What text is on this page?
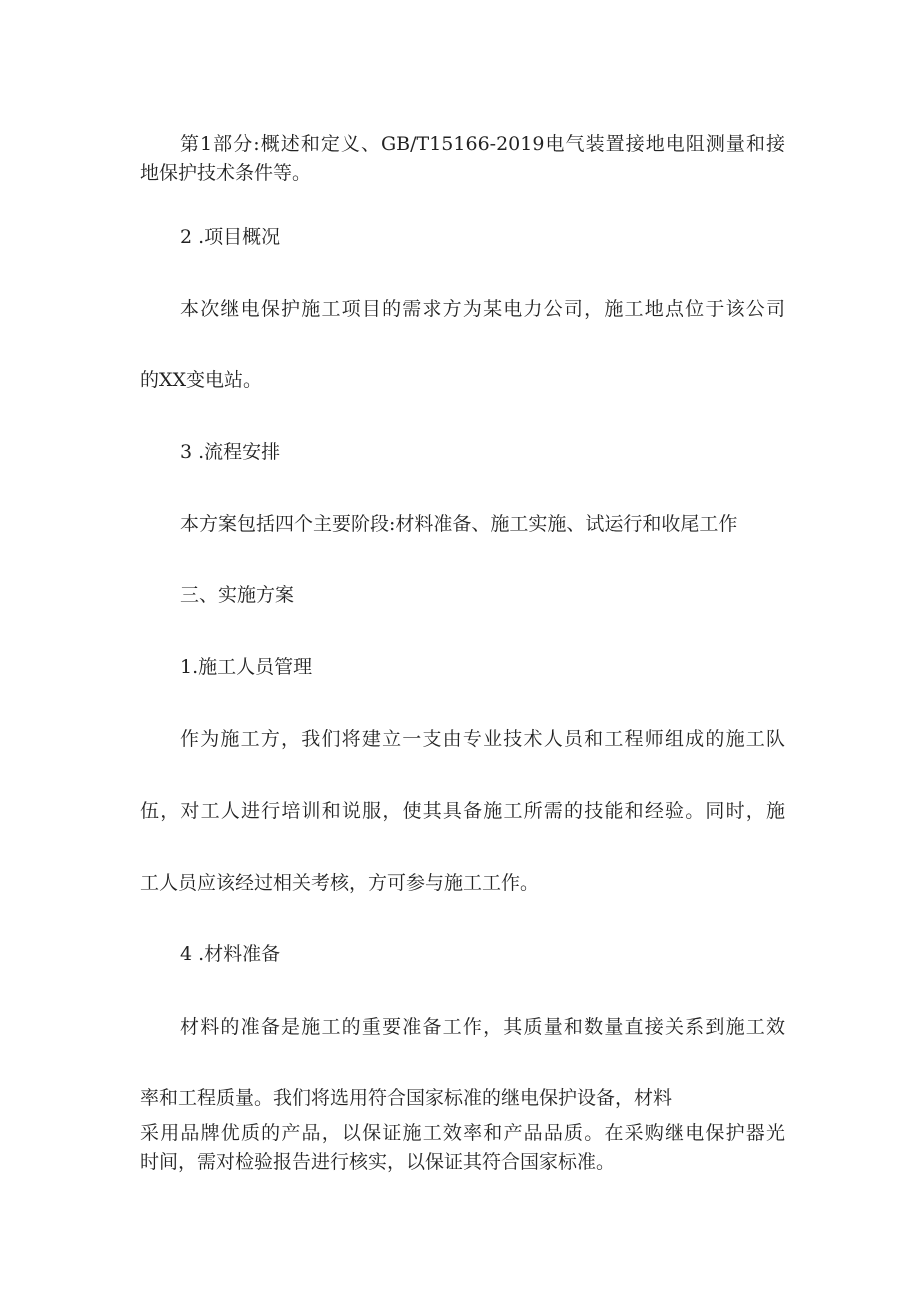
第1部分:概述和定义、GB/T15166-2019电气装置接地电阻测量和接
地保护技术条件等。
2 .项目概况
本次继电保护施工项目的需求方为某电力公司，施工地点位于该公司
的XX变电站。
3 .流程安排
本方案包括四个主要阶段:材料准备、施工实施、试运行和收尾工作
三、实施方案
1.施工人员管理
作为施工方，我们将建立一支由专业技术人员和工程师组成的施工队
伍，对工人进行培训和说服，使其具备施工所需的技能和经验。同时，施
工人员应该经过相关考核，方可参与施工工作。
4 .材料准备
材料的准备是施工的重要准备工作，其质量和数量直接关系到施工效
率和工程质量。我们将选用符合国家标准的继电保护设备，材料
采用品牌优质的产品，以保证施工效率和产品品质。在采购继电保护器光
时间，需对检验报告进行核实，以保证其符合国家标准。
